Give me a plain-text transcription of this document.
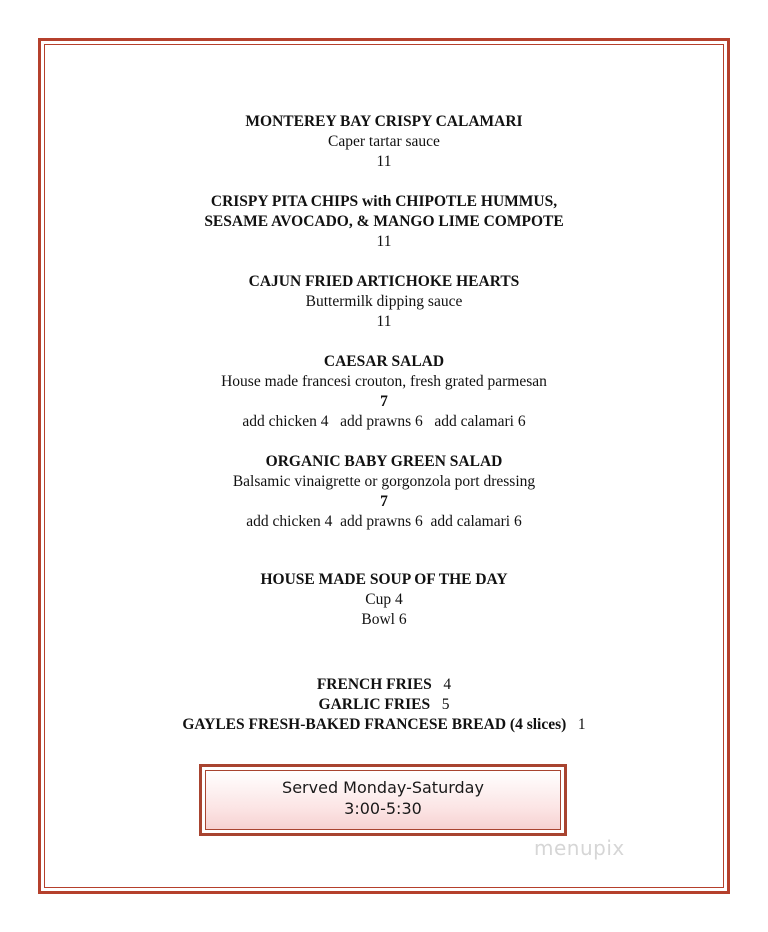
MONTEREY BAY CRISPY CALAMARI
Caper tartar sauce
11
CRISPY PITA CHIPS with CHIPOTLE HUMMUS,
SESAME AVOCADO, & MANGO LIME COMPOTE
11
CAJUN FRIED ARTICHOKE HEARTS
Buttermilk dipping sauce
11
CAESAR SALAD
House made francesi crouton, fresh grated parmesan
7
add chicken 4   add prawns 6   add calamari 6
ORGANIC BABY GREEN SALAD
Balsamic vinaigrette or gorgonzola port dressing
7
add chicken 4  add prawns 6  add calamari 6
HOUSE MADE SOUP OF THE DAY
Cup 4
Bowl 6
FRENCH FRIES 4
GARLIC FRIES 5
GAYLES FRESH-BAKED FRANCESE BREAD (4 slices) 1
Served Monday-Saturday
3:00-5:30
menupix
